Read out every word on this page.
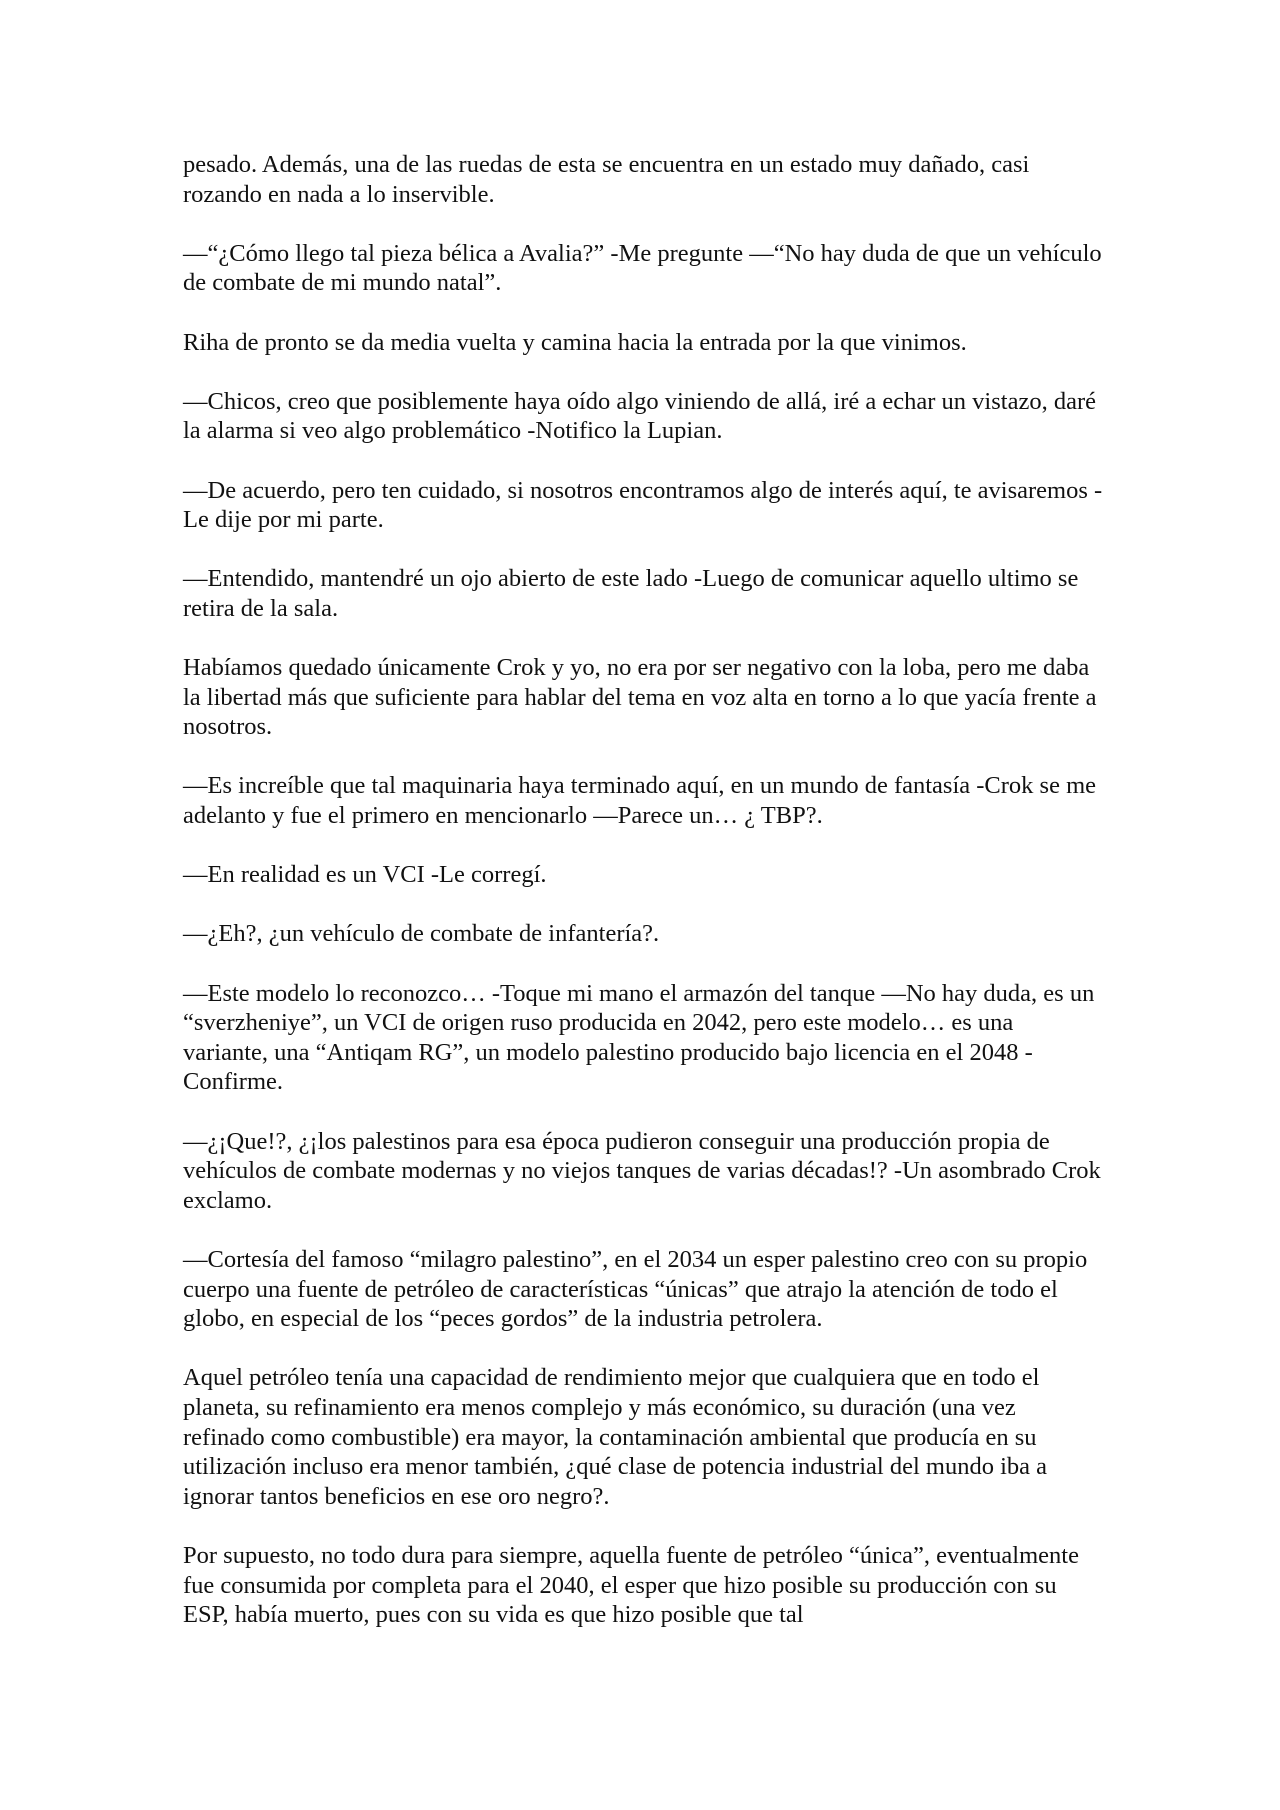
pesado. Además, una de las ruedas de esta se encuentra en un estado muy dañado, casi rozando en nada a lo inservible.

—“¿Cómo llego tal pieza bélica a Avalia?” -Me pregunte —“No hay duda de que un vehículo de combate de mi mundo natal”.

Riha de pronto se da media vuelta y camina hacia la entrada por la que vinimos.

—Chicos, creo que posiblemente haya oído algo viniendo de allá, iré a echar un vistazo, daré la alarma si veo algo problemático -Notifico la Lupian.

—De acuerdo, pero ten cuidado, si nosotros encontramos algo de interés aquí, te avisaremos -Le dije por mi parte.

—Entendido, mantendré un ojo abierto de este lado -Luego de comunicar aquello ultimo se retira de la sala.

Habíamos quedado únicamente Crok y yo, no era por ser negativo con la loba, pero me daba la libertad más que suficiente para hablar del tema en voz alta en torno a lo que yacía frente a nosotros.

—Es increíble que tal maquinaria haya terminado aquí, en un mundo de fantasía -Crok se me adelanto y fue el primero en mencionarlo —Parece un… ¿ TBP?.

—En realidad es un VCI -Le corregí.

—¿Eh?, ¿un vehículo de combate de infantería?.

—Este modelo lo reconozco… -Toque mi mano el armazón del tanque —No hay duda, es un “sverzheniye”, un VCI de origen ruso producida en 2042, pero este modelo… es una variante, una “Antiqam RG”, un modelo palestino producido bajo licencia en el 2048 -Confirme.

—¿¡Que!?, ¿¡los palestinos para esa época pudieron conseguir una producción propia de vehículos de combate modernas y no viejos tanques de varias décadas!? -Un asombrado Crok exclamo.

—Cortesía del famoso “milagro palestino”, en el 2034 un esper palestino creo con su propio cuerpo una fuente de petróleo de características “únicas” que atrajo la atención de todo el globo, en especial de los “peces gordos” de la industria petrolera.

Aquel petróleo tenía una capacidad de rendimiento mejor que cualquiera que en todo el planeta, su refinamiento era menos complejo y más económico, su duración (una vez refinado como combustible) era mayor, la contaminación ambiental que producía en su utilización incluso era menor también, ¿qué clase de potencia industrial del mundo iba a ignorar tantos beneficios en ese oro negro?.

Por supuesto, no todo dura para siempre, aquella fuente de petróleo “única”, eventualmente fue consumida por completa para el 2040, el esper que hizo posible su producción con su ESP, había muerto, pues con su vida es que hizo posible que tal
